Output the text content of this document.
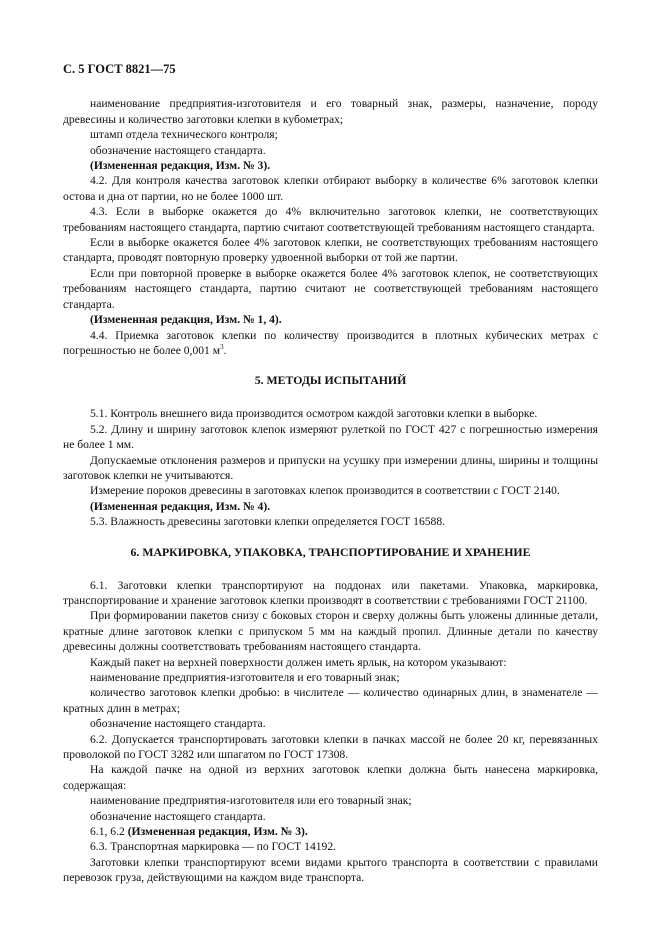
С. 5 ГОСТ 8821—75

наименование предприятия-изготовителя и его товарный знак, размеры, назначение, породу древесины и количество заготовки клепки в кубометрах;

штамп отдела технического контроля;

обозначение настоящего стандарта.

(Измененная редакция, Изм. № 3).

4.2. Для контроля качества заготовок клепки отбирают выборку в количестве 6% заготовок клепки остова и дна от партии, но не более 1000 шт.

4.3. Если в выборке окажется до 4% включительно заготовок клепки, не соответствующих требованиям настоящего стандарта, партию считают соответствующей требованиям настоящего стандарта.

Если в выборке окажется более 4% заготовок клепки, не соответствующих требованиям настоящего стандарта, проводят повторную проверку удвоенной выборки от той же партии.

Если при повторной проверке в выборке окажется более 4% заготовок клепок, не соответствующих требованиям настоящего стандарта, партию считают не соответствующей требованиям настоящего стандарта.

(Измененная редакция, Изм. № 1, 4).

4.4. Приемка заготовок клепки по количеству производится в плотных кубических метрах с погрешностью не более 0,001 $м^3$.

5. МЕТОДЫ ИСПЫТАНИЙ

5.1. Контроль внешнего вида производится осмотром каждой заготовки клепки в выборке.

5.2. Длину и ширину заготовок клепок измеряют рулеткой по ГОСТ 427 с погрешностью измерения не более 1 мм.

Допускаемые отклонения размеров и припуски на усушку при измерении длины, ширины и толщины заготовок клепки не учитываются.

Измерение пороков древесины в заготовках клепок производится в соответствии с ГОСТ 2140.

(Измененная редакция, Изм. № 4).

5.3. Влажность древесины заготовки клепки определяется ГОСТ 16588.

6. МАРКИРОВКА, УПАКОВКА, ТРАНСПОРТИРОВАНИЕ И ХРАНЕНИЕ

6.1. Заготовки клепки транспортируют на поддонах или пакетами. Упаковка, маркировка, транспортирование и хранение заготовок клепки производят в соответствии с требованиями ГОСТ 21100.

При формировании пакетов снизу с боковых сторон и сверху должны быть уложены длинные детали, кратные длине заготовок клепки с припуском 5 мм на каждый пропил. Длинные детали по качеству древесины должны соответствовать требованиям настоящего стандарта.

Каждый пакет на верхней поверхности должен иметь ярлык, на котором указывают:

наименование предприятия-изготовителя и его товарный знак;

количество заготовок клепки дробью: в числителе — количество одинарных длин, в знаменателе — кратных длин в метрах;

обозначение настоящего стандарта.

6.2. Допускается транспортировать заготовки клепки в пачках массой не более 20 кг, перевязанных проволокой по ГОСТ 3282 или шпагатом по ГОСТ 17308.

На каждой пачке на одной из верхних заготовок клепки должна быть нанесена маркировка, содержащая:

наименование предприятия-изготовителя или его товарный знак;

обозначение настоящего стандарта.

6.1, 6.2 (Измененная редакция, Изм. № 3).

6.3. Транспортная маркировка — по ГОСТ 14192.

Заготовки клепки транспортируют всеми видами крытого транспорта в соответствии с правилами перевозок груза, действующими на каждом виде транспорта.
